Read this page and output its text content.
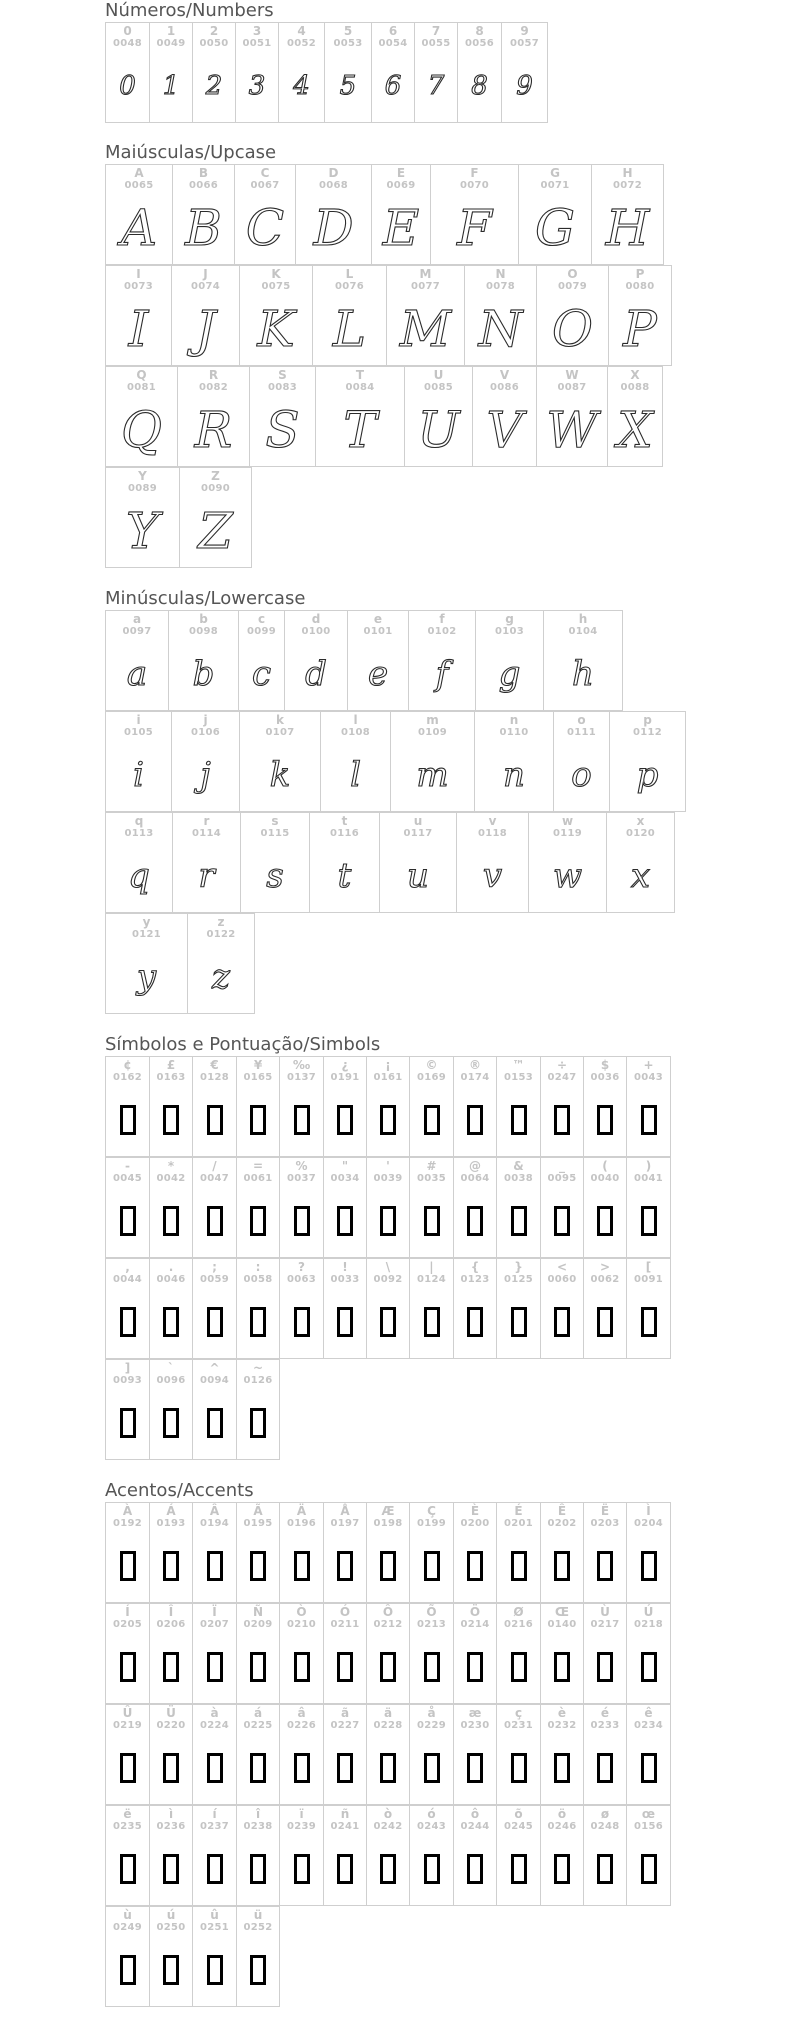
Números/Numbers
0
0048
0
1
0049
1
2
0050
2
3
0051
3
4
0052
4
5
0053
5
6
0054
6
7
0055
7
8
0056
8
9
0057
9
Maiúsculas/Upcase
A
0065
A
B
0066
B
C
0067
C
D
0068
D
E
0069
E
F
0070
F
G
0071
G
H
0072
H
I
0073
I
J
0074
J
K
0075
K
L
0076
L
M
0077
M
N
0078
N
O
0079
O
P
0080
P
Q
0081
Q
R
0082
R
S
0083
S
T
0084
T
U
0085
U
V
0086
V
W
0087
W
X
0088
X
Y
0089
Y
Z
0090
Z
Minúsculas/Lowercase
a
0097
a
b
0098
b
c
0099
c
d
0100
d
e
0101
e
f
0102
f
g
0103
g
h
0104
h
i
0105
i
j
0106
j
k
0107
k
l
0108
l
m
0109
m
n
0110
n
o
0111
o
p
0112
p
q
0113
q
r
0114
r
s
0115
s
t
0116
t
u
0117
u
v
0118
v
w
0119
w
x
0120
x
y
0121
y
z
0122
z
Símbolos e Pontuação/Simbols
¢
0162
£
0163
€
0128
¥
0165
‰
0137
¿
0191
¡
0161
©
0169
®
0174
™
0153
÷
0247
$
0036
+
0043
-
0045
*
0042
/
0047
=
0061
%
0037
"
0034
'
0039
#
0035
@
0064
&
0038
_
0095
(
0040
)
0041
,
0044
.
0046
;
0059
:
0058
?
0063
!
0033
\
0092
|
0124
{
0123
}
0125
<
0060
>
0062
[
0091
]
0093
`
0096
^
0094
~
0126
Acentos/Accents
À
0192
Á
0193
Â
0194
Ã
0195
Ä
0196
Å
0197
Æ
0198
Ç
0199
È
0200
É
0201
Ê
0202
Ë
0203
Ì
0204
Í
0205
Î
0206
Ï
0207
Ñ
0209
Ò
0210
Ó
0211
Ô
0212
Õ
0213
Ö
0214
Ø
0216
Œ
0140
Ù
0217
Ú
0218
Û
0219
Ü
0220
à
0224
á
0225
â
0226
ã
0227
ä
0228
å
0229
æ
0230
ç
0231
è
0232
é
0233
ê
0234
ë
0235
ì
0236
í
0237
î
0238
ï
0239
ñ
0241
ò
0242
ó
0243
ô
0244
õ
0245
ö
0246
ø
0248
œ
0156
ù
0249
ú
0250
û
0251
ü
0252
